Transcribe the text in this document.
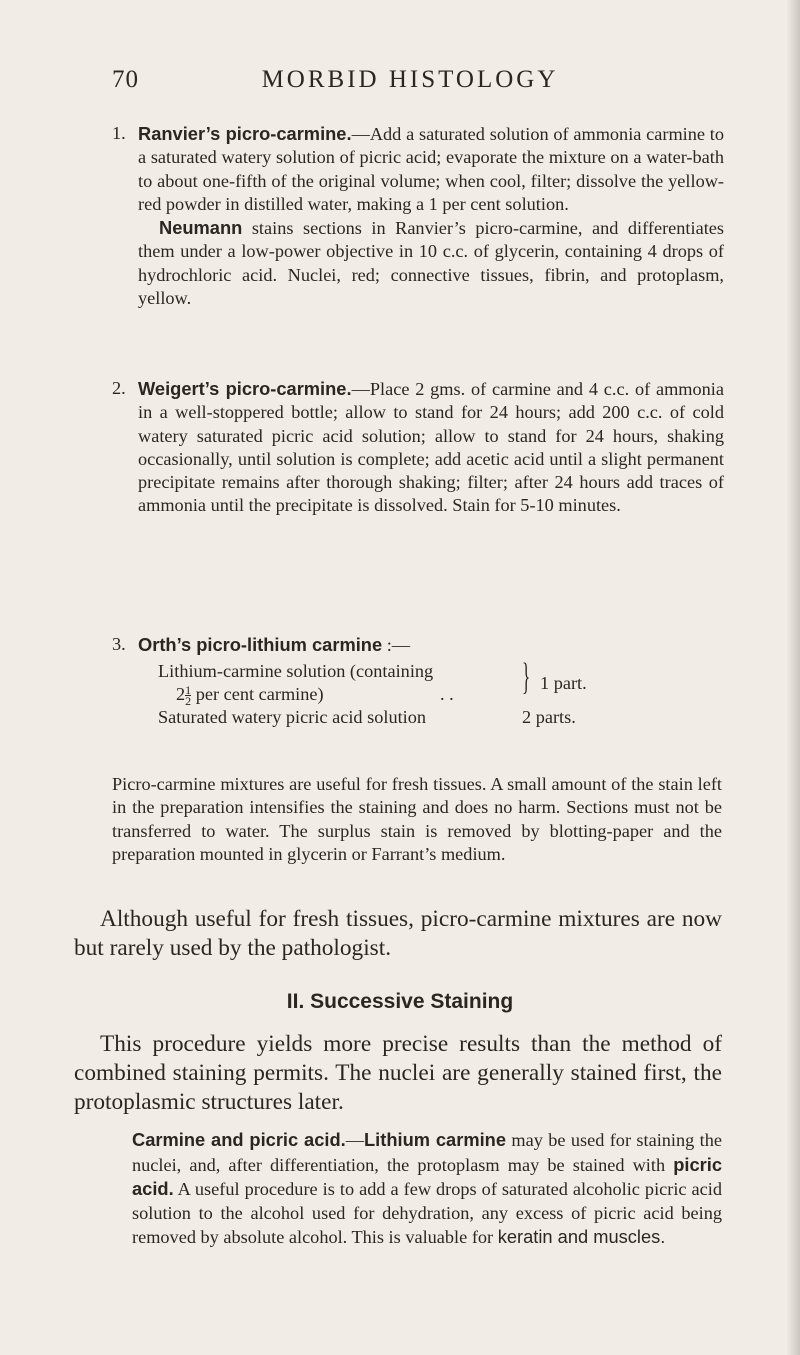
70	MORBID HISTOLOGY
1. Ranvier’s picro-carmine.—Add a saturated solution of ammonia carmine to a saturated watery solution of picric acid; evaporate the mixture on a water-bath to about one-fifth of the original volume; when cool, filter; dissolve the yellow-red powder in distilled water, making a 1 per cent solution.

Neumann stains sections in Ranvier’s picro-carmine, and differentiates them under a low-power objective in 10 c.c. of glycerin, containing 4 drops of hydrochloric acid. Nuclei, red; connective tissues, fibrin, and protoplasm, yellow.

2. Weigert’s picro-carmine.—Place 2 gms. of carmine and 4 c.c. of ammonia in a well-stoppered bottle; allow to stand for 24 hours; add 200 c.c. of cold watery saturated picric acid solution; allow to stand for 24 hours, shaking occasionally, until solution is complete; add acetic acid until a slight permanent precipitate remains after thorough shaking; filter; after 24 hours add traces of ammonia until the precipitate is dissolved. Stain for 5-10 minutes.

3. Orth’s picro-lithium carmine :—

Lithium-carmine solution (containing
$2 \frac{1}{2}$ per cent carmine)	. . } 1 part.
Saturated watery picric acid solution	2 parts.
Picro-carmine mixtures are useful for fresh tissues. A small amount of the stain left in the preparation intensifies the staining and does no harm. Sections must not be transferred to water. The surplus stain is removed by blotting-paper and the preparation mounted in glycerin or Farrant’s medium.
Although useful for fresh tissues, picro-carmine mixtures are now but rarely used by the pathologist.
II. Successive Staining
This procedure yields more precise results than the method of combined staining permits. The nuclei are generally stained first, the protoplasmic structures later.
Carmine and picric acid.—Lithium carmine may be used for staining the nuclei, and, after differentiation, the protoplasm may be stained with picric acid. A useful procedure is to add a few drops of saturated alcoholic picric acid solution to the alcohol used for dehydration, any excess of picric acid being removed by absolute alcohol. This is valuable for keratin and muscles.
